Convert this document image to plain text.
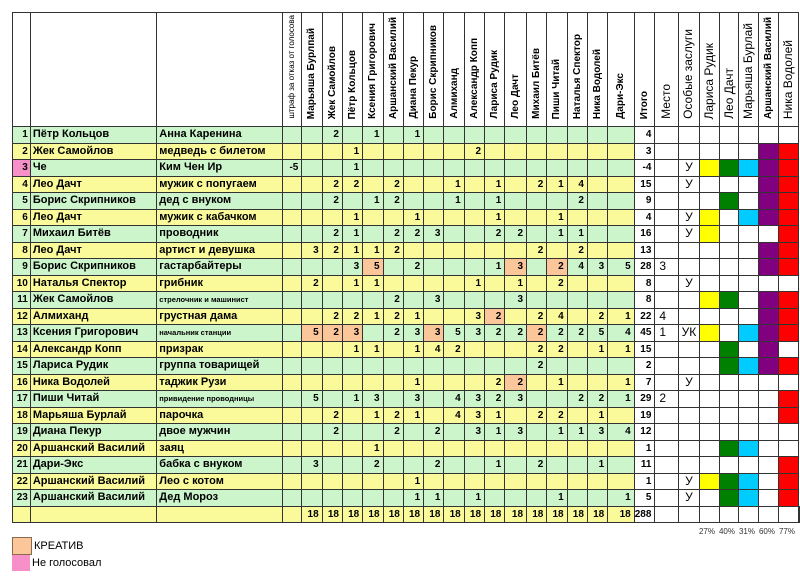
			штраф за отказ от голосова	Марьяша Бурлпай	Жек Самойлов	Пётр Кольцов	Ксения Григорович	Аршанский Василий	Диана Пекур	Борис Скрипников	Алмиханд	Александр Копп	Лариса Рудик	Лео Дачт	Михаил Битёв	Пиши Читай	Наталья Спектор	Ника Водолей	Дари-Экс	Итого	Место	Особые заслуги	Лариса Рудик	Лео Дачт	Марьяша Бурлай	Аршанский Василий	Ника Водолей	
1	Пётр Кольцов	Анна Каренина			2		1		1											4								
2	Жек Самойлов	медведь с билетом				1						2								3								
3	Че	Ким Чен Ир	-5			1														-4		У						
4	Лео Дачт	мужик с попугаем			2	2		2			1		1		2	1	4			15		У						
5	Борис Скрипников	дед с внуком			2		1	2			1		1				2			9								
6	Лео Дачт	мужик с кабачком				1			1				1			1				4		У						
7	Михаил Битёв	проводник			2	1		2	2	3			2	2		1	1			16		У						
8	Лео Дачт	артист и девушка		3	2	1	1	2							2		2			13								
9	Борис Скрипников	гастарбайтеры				3	5		2				1	3		2	4	3	5	28	3							
10	Наталья Спектор	грибник		2		1	1					1		1		2				8		У						
11	Жек Самойлов	стрелочник и машинист						2		3				3						8								
12	Алмиханд	грустная дама			2	2	1	2	1			3	2		2	4		2	1	22	4							
13	Ксения Григорович	начальник станции		5	2	3		2	3	3	5	3	2	2	2	2	2	5	4	45	1	УК						
14	Александр Копп	призрак				1	1		1	4	2				2	2		1	1	15								
15	Лариса Рудик	группа товарищей													2					2								
16	Ника Водолей	таджик Рузи							1				2	2		1			1	7		У						
17	Пиши Читай	привидение проводницы		5		1	3		3		4	3	2	3			2	2	1	29	2							
18	Марьяша Бурлай	парочка			2		1	2	1		4	3	1		2	2		1		19								
19	Диана Пекур	двое мужчин			2			2		2		3	1	3		1	1	3	4	12								
20	Аршанский Василий	заяц					1													1								
21	Дари-Экс	бабка с внуком		3			2			2			1		2			1		11								
22	Аршанский Василий	Лео с котом							1											1		У						
23	Аршанский Василий	Дед Мороз							1	1		1				1			1	5		У						
				18	18	18	18	18	18	18	18	18	18	18	18	18	18	18	18	288								
27% 40% 31% 60% 77%
КРЕАТИВ
Не голосовал
